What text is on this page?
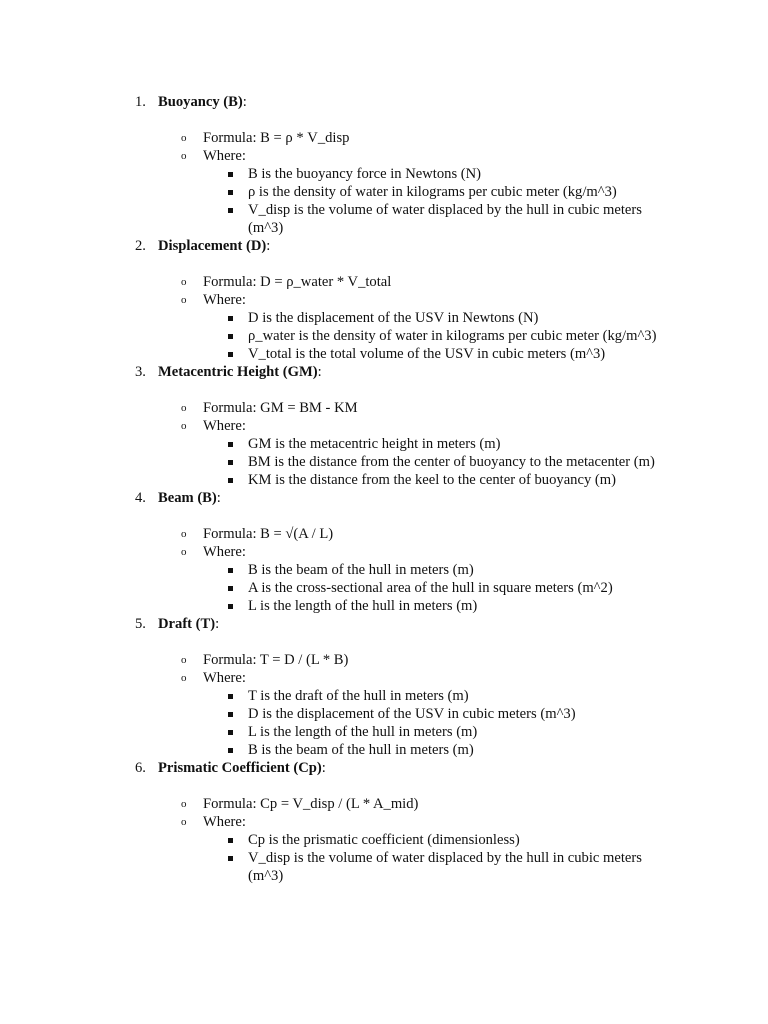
1. Buoyancy (B):
o Formula: B = ρ * V_disp
o Where:
B is the buoyancy force in Newtons (N)
ρ is the density of water in kilograms per cubic meter (kg/m^3)
V_disp is the volume of water displaced by the hull in cubic meters (m^3)
2. Displacement (D):
o Formula: D = ρ_water * V_total
o Where:
D is the displacement of the USV in Newtons (N)
ρ_water is the density of water in kilograms per cubic meter (kg/m^3)
V_total is the total volume of the USV in cubic meters (m^3)
3. Metacentric Height (GM):
o Formula: GM = BM - KM
o Where:
GM is the metacentric height in meters (m)
BM is the distance from the center of buoyancy to the metacenter (m)
KM is the distance from the keel to the center of buoyancy (m)
4. Beam (B):
o Formula: B = √(A / L)
o Where:
B is the beam of the hull in meters (m)
A is the cross-sectional area of the hull in square meters (m^2)
L is the length of the hull in meters (m)
5. Draft (T):
o Formula: T = D / (L * B)
o Where:
T is the draft of the hull in meters (m)
D is the displacement of the USV in cubic meters (m^3)
L is the length of the hull in meters (m)
B is the beam of the hull in meters (m)
6. Prismatic Coefficient (Cp):
o Formula: Cp = V_disp / (L * A_mid)
o Where:
Cp is the prismatic coefficient (dimensionless)
V_disp is the volume of water displaced by the hull in cubic meters (m^3)
